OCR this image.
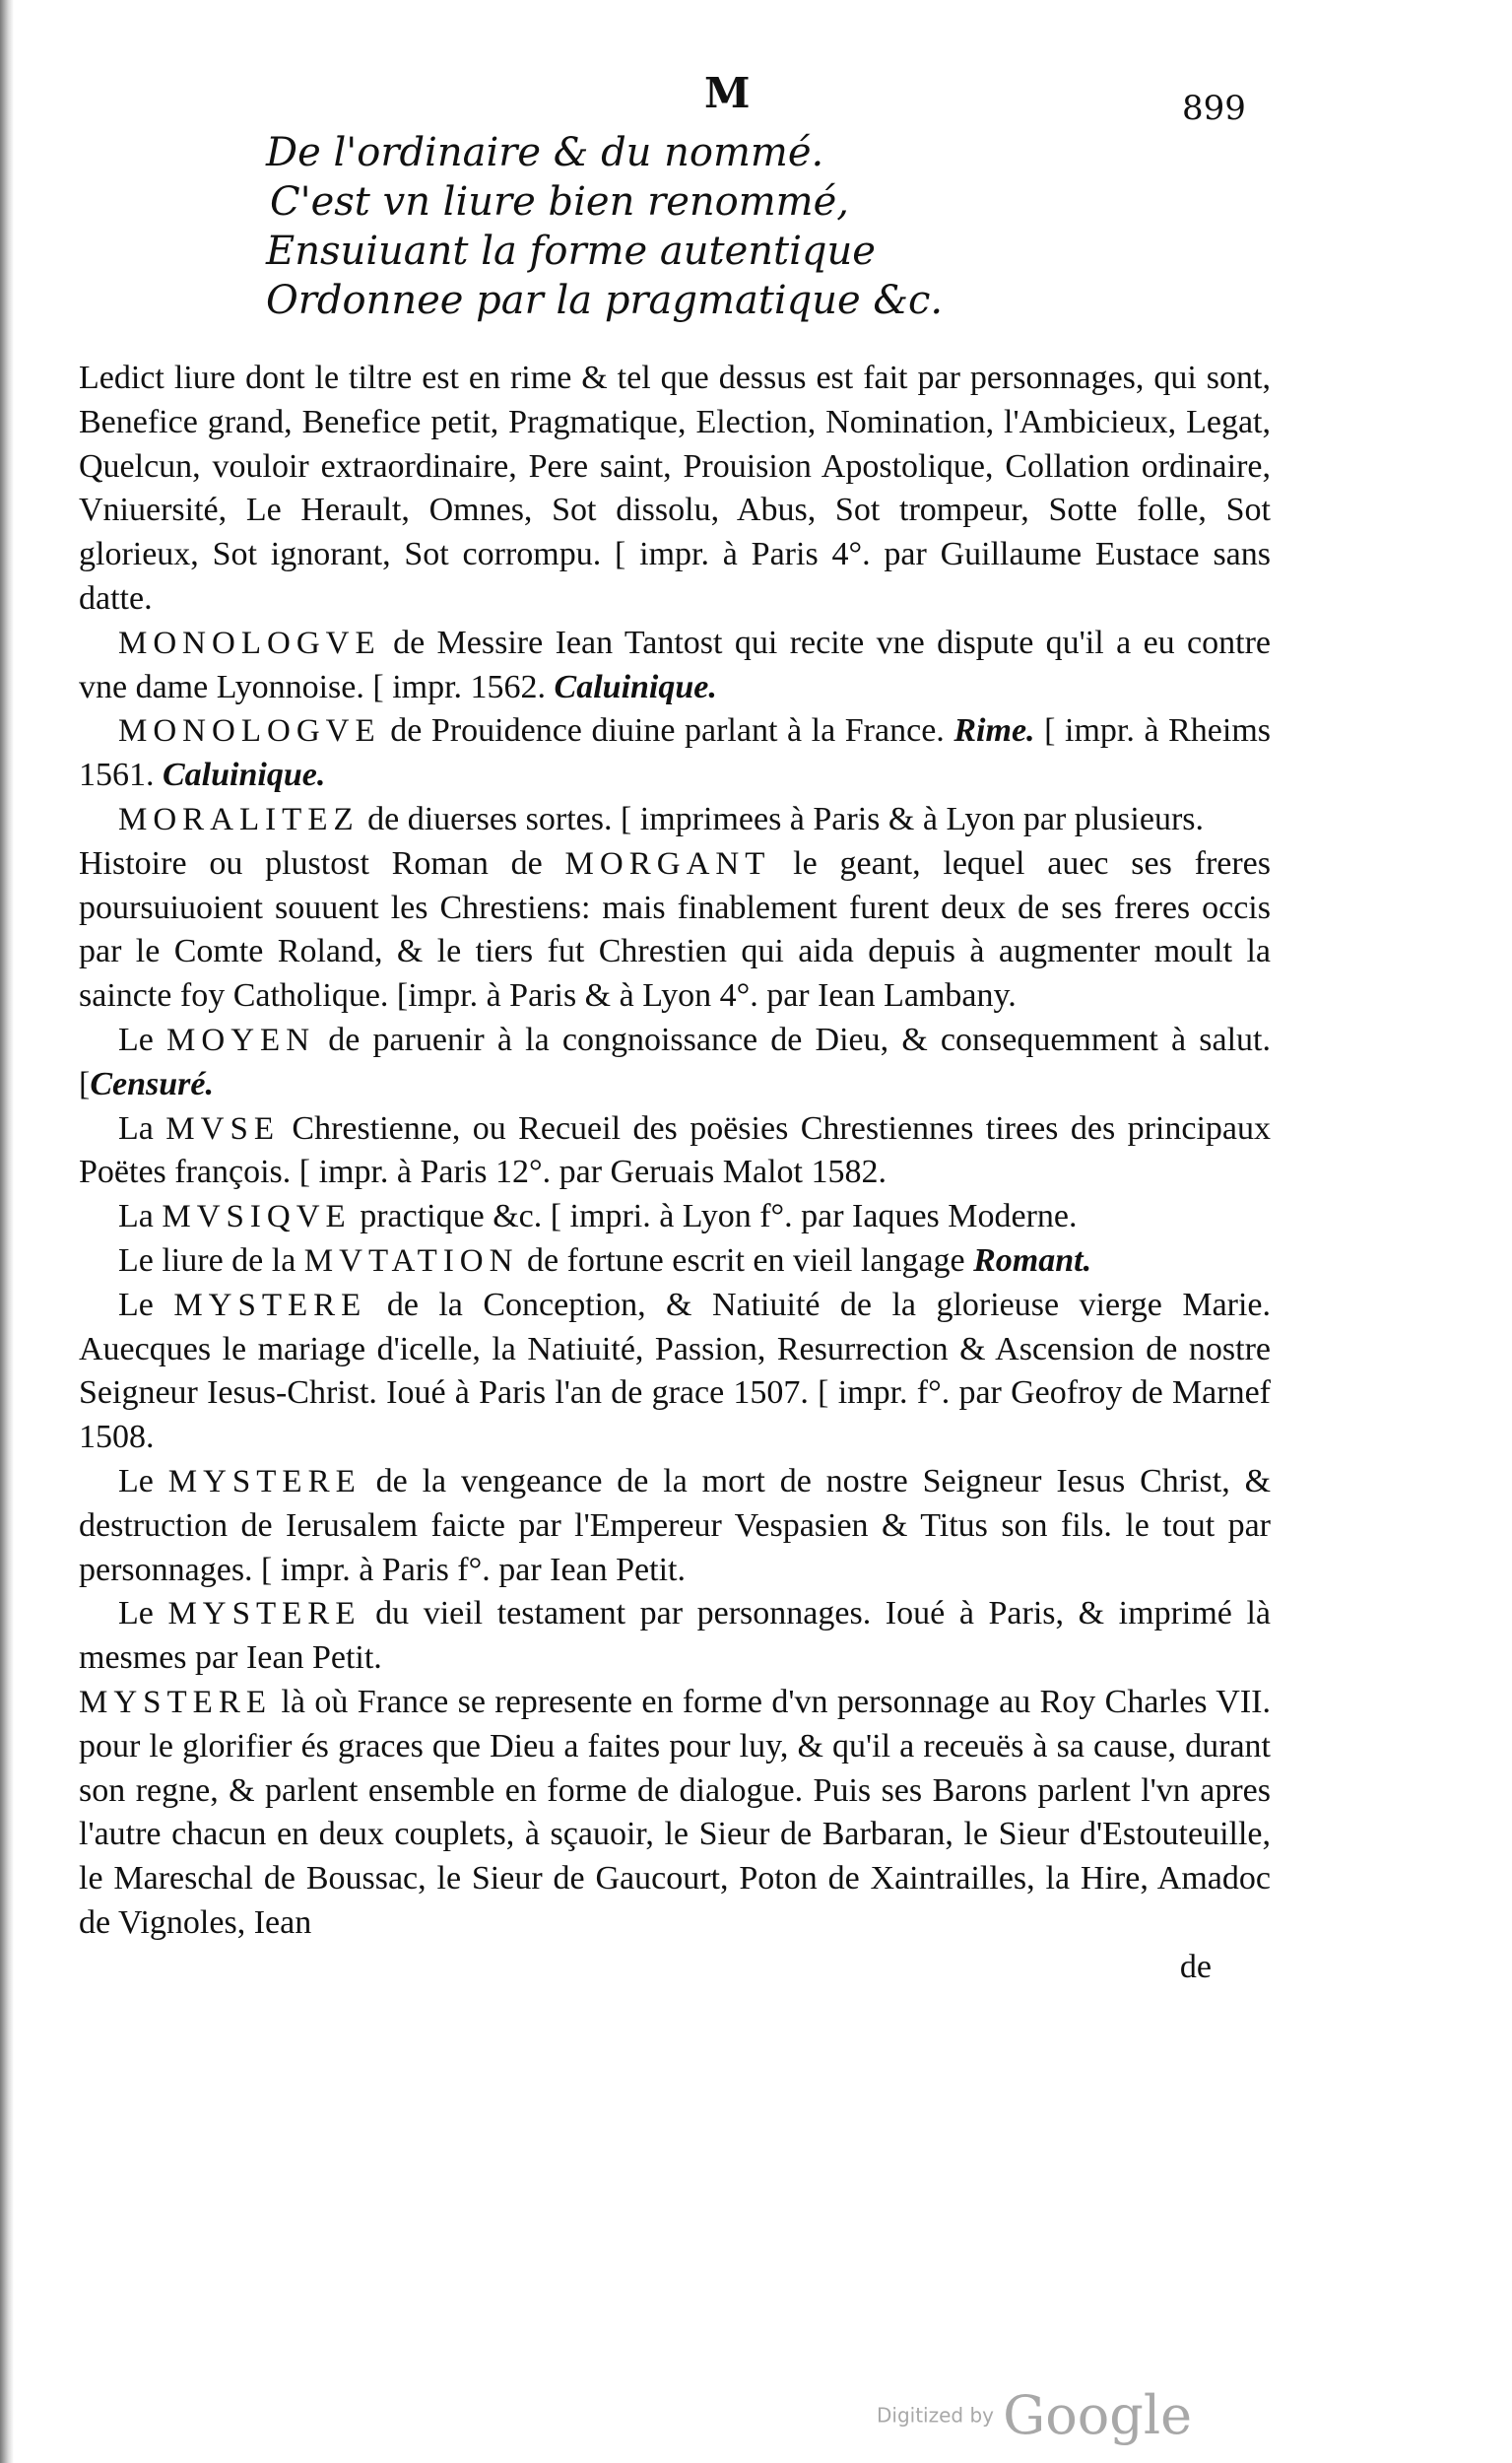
M	899
De l'ordinaire & du nommé.
C'est vn liure bien renommé,
Ensuiuant la forme autentique
Ordonnee par la pragmatique &c.

Ledict liure dont le tiltre est en rime & tel que dessus est fait par personnages, qui sont, Benefice grand, Benefice petit, Pragmatique, Election, Nomination, l'Ambicieux, Legat, Quelcun, vouloir extraordinaire, Pere saint, Prouision Apostolique, Collation ordinaire, Vniuersité, Le Herault, Omnes, Sot dissolu, Abus, Sot trompeur, Sotte folle, Sot glorieux, Sot ignorant, Sot corrompu. [ impr. à Paris 4°. par Guillaume Eustace sans datte.

MONOLOGVE de Messire Iean Tantost qui recite vne dispute qu'il a eu contre vne dame Lyonnoise. [ impr. 1562. Caluinique.

MONOLOGVE de Prouidence diuine parlant à la France. Rime. [ impr. à Rheims 1561. Caluinique.

MORALITEZ de diuerses sortes. [ imprimees à Paris & à Lyon par plusieurs.

Histoire ou plustost Roman de MORGANT le geant, lequel auec ses freres poursuiuoient souuent les Chrestiens: mais finablement furent deux de ses freres occis par le Comte Roland, & le tiers fut Chrestien qui aida depuis à augmenter moult la saincte foy Catholique. [impr. à Paris & à Lyon 4°. par Iean Lambany.

Le MOYEN de paruenir à la congnoissance de Dieu, & consequemment à salut. [Censuré.

La MVSE Chrestienne, ou Recueil des poësies Chrestiennes tirees des principaux Poëtes françois. [ impr. à Paris 12°. par Geruais Malot 1582.

La MVSIQVE practique &c. [ impri. à Lyon f°. par Iaques Moderne.

Le liure de la MVTATION de fortune escrit en vieil langage Romant.

Le MYSTERE de la Conception, & Natiuité de la glorieuse vierge Marie. Auecques le mariage d'icelle, la Natiuité, Passion, Resurrection & Ascension de nostre Seigneur Iesus-Christ. Ioué à Paris l'an de grace 1507. [ impr. f°. par Geofroy de Marnef 1508.

Le MYSTERE de la vengeance de la mort de nostre Seigneur Iesus Christ, & destruction de Ierusalem faicte par l'Empereur Vespasien & Titus son fils. le tout par personnages. [ impr. à Paris f°. par Iean Petit.

Le MYSTERE du vieil testament par personnages. Ioué à Paris, & imprimé là mesmes par Iean Petit.

MYSTERE là où France se represente en forme d'vn personnage au Roy Charles VII. pour le glorifier és graces que Dieu a faites pour luy, & qu'il a receuës à sa cause, durant son regne, & parlent ensemble en forme de dialogue. Puis ses Barons parlent l'vn apres l'autre chacun en deux couplets, à sçauoir, le Sieur de Barbaran, le Sieur d'Estouteuille, le Mareschal de Boussac, le Sieur de Gaucourt, Poton de Xaintrailles, la Hire, Amadoc de Vignoles, Iean
de

Digitized by Google
